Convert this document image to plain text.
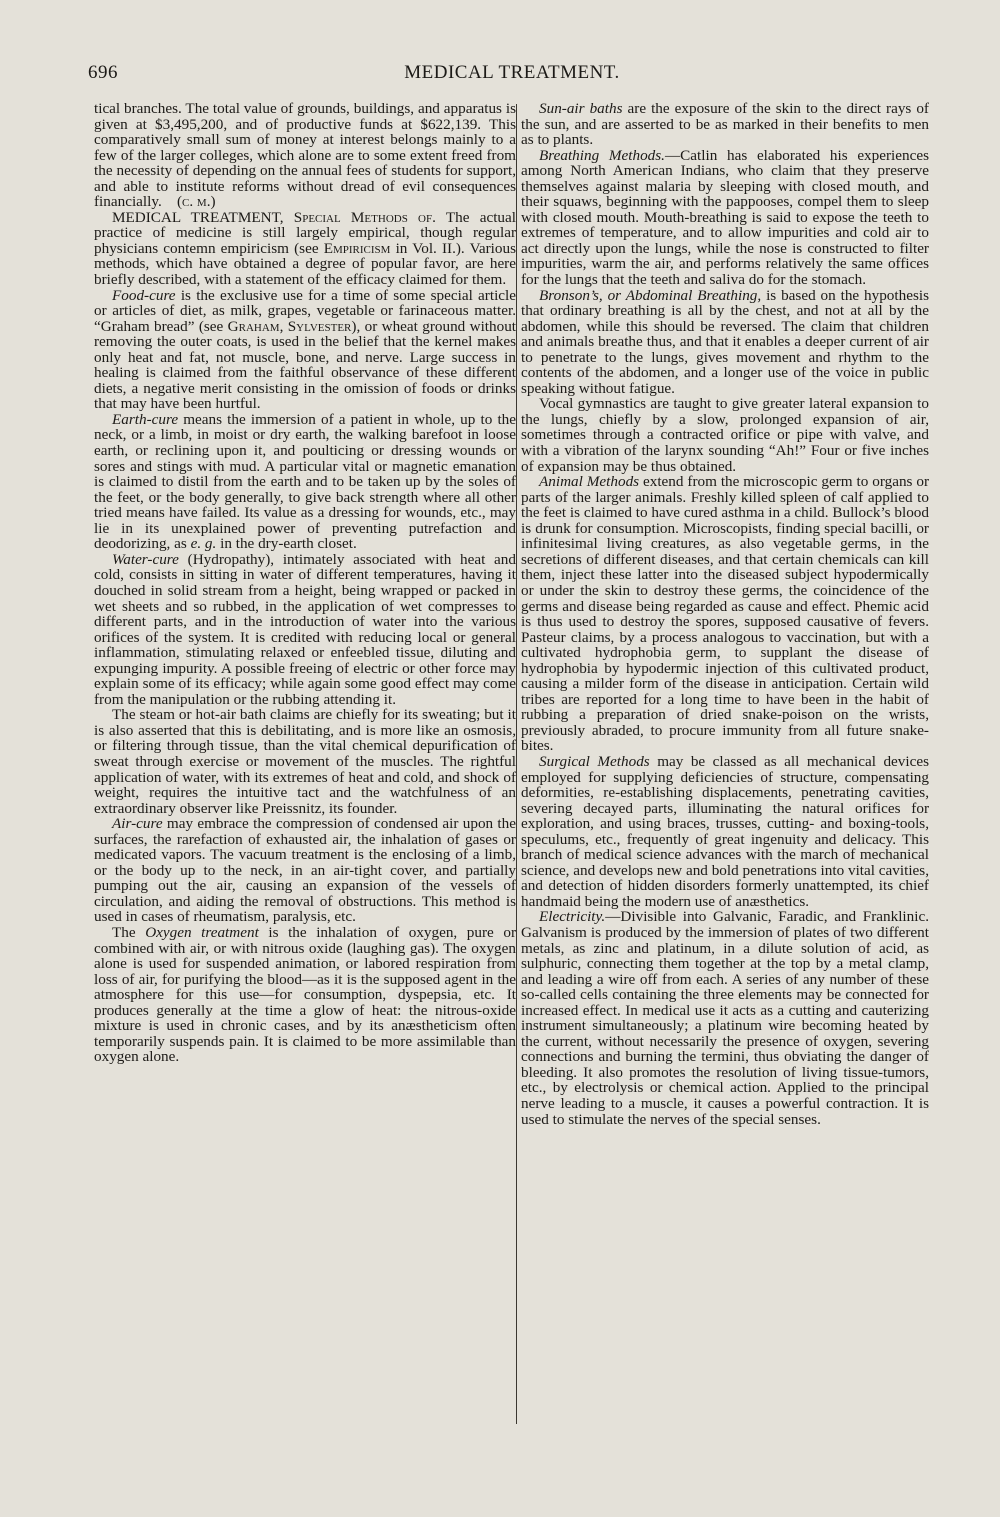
696	MEDICAL TREATMENT.

tical branches. The total value of grounds, buildings, and apparatus is given at $3,495,200, and of productive funds at $622,139. This comparatively small sum of money at interest belongs mainly to a few of the larger colleges, which alone are to some extent freed from the necessity of depending on the annual fees of students for support, and able to institute reforms without dread of evil consequences financially. (c. m.)

MEDICAL TREATMENT, Special Methods of. The actual practice of medicine is still largely empirical, though regular physicians contemn empiricism (see Empiricism in Vol. II.). Various methods, which have obtained a degree of popular favor, are here briefly described, with a statement of the efficacy claimed for them.

Food-cure is the exclusive use for a time of some special article or articles of diet, as milk, grapes, vegetable or farinaceous matter. “Graham bread” (see Graham, Sylvester), or wheat ground without removing the outer coats, is used in the belief that the kernel makes only heat and fat, not muscle, bone, and nerve. Large success in healing is claimed from the faithful observance of these different diets, a negative merit consisting in the omission of foods or drinks that may have been hurtful.

Earth-cure means the immersion of a patient in whole, up to the neck, or a limb, in moist or dry earth, the walking barefoot in loose earth, or reclining upon it, and poulticing or dressing wounds or sores and stings with mud. A particular vital or magnetic emanation is claimed to distil from the earth and to be taken up by the soles of the feet, or the body generally, to give back strength where all other tried means have failed. Its value as a dressing for wounds, etc., may lie in its unexplained power of preventing putrefaction and deodorizing, as e. g. in the dry-earth closet.

Water-cure (Hydropathy), intimately associated with heat and cold, consists in sitting in water of different temperatures, having it douched in solid stream from a height, being wrapped or packed in wet sheets and so rubbed, in the application of wet compresses to different parts, and in the introduction of water into the various orifices of the system. It is credited with reducing local or general inflammation, stimulating relaxed or enfeebled tissue, diluting and expunging impurity. A possible freeing of electric or other force may explain some of its efficacy; while again some good effect may come from the manipulation or the rubbing attending it.

The steam or hot-air bath claims are chiefly for its sweating; but it is also asserted that this is debilitating, and is more like an osmosis, or filtering through tissue, than the vital chemical depurification of sweat through exercise or movement of the muscles. The rightful application of water, with its extremes of heat and cold, and shock of weight, requires the intuitive tact and the watchfulness of an extraordinary observer like Preissnitz, its founder.

Air-cure may embrace the compression of condensed air upon the surfaces, the rarefaction of exhausted air, the inhalation of gases or medicated vapors. The vacuum treatment is the enclosing of a limb, or the body up to the neck, in an air-tight cover, and partially pumping out the air, causing an expansion of the vessels of circulation, and aiding the removal of obstructions. This method is used in cases of rheumatism, paralysis, etc.

The Oxygen treatment is the inhalation of oxygen, pure or combined with air, or with nitrous oxide (laughing gas). The oxygen alone is used for suspended animation, or labored respiration from loss of air, for purifying the blood—as it is the supposed agent in the atmosphere for this use—for consumption, dyspepsia, etc. It produces generally at the time a glow of heat: the nitrous-oxide mixture is used in chronic cases, and by its anæstheticism often temporarily suspends pain. It is claimed to be more assimilable than oxygen alone.

Sun-air baths are the exposure of the skin to the direct rays of the sun, and are asserted to be as marked in their benefits to men as to plants.

Breathing Methods.—Catlin has elaborated his experiences among North American Indians, who claim that they preserve themselves against malaria by sleeping with closed mouth, and their squaws, beginning with the pappooses, compel them to sleep with closed mouth. Mouth-breathing is said to expose the teeth to extremes of temperature, and to allow impurities and cold air to act directly upon the lungs, while the nose is constructed to filter impurities, warm the air, and performs relatively the same offices for the lungs that the teeth and saliva do for the stomach.

Bronson’s, or Abdominal Breathing, is based on the hypothesis that ordinary breathing is all by the chest, and not at all by the abdomen, while this should be reversed. The claim that children and animals breathe thus, and that it enables a deeper current of air to penetrate to the lungs, gives movement and rhythm to the contents of the abdomen, and a longer use of the voice in public speaking without fatigue.

Vocal gymnastics are taught to give greater lateral expansion to the lungs, chiefly by a slow, prolonged expansion of air, sometimes through a contracted orifice or pipe with valve, and with a vibration of the larynx sounding “Ah!” Four or five inches of expansion may be thus obtained.

Animal Methods extend from the microscopic germ to organs or parts of the larger animals. Freshly killed spleen of calf applied to the feet is claimed to have cured asthma in a child. Bullock’s blood is drunk for consumption. Microscopists, finding special bacilli, or infinitesimal living creatures, as also vegetable germs, in the secretions of different diseases, and that certain chemicals can kill them, inject these latter into the diseased subject hypodermically or under the skin to destroy these germs, the coincidence of the germs and disease being regarded as cause and effect. Phemic acid is thus used to destroy the spores, supposed causative of fevers. Pasteur claims, by a process analogous to vaccination, but with a cultivated hydrophobia germ, to supplant the disease of hydrophobia by hypodermic injection of this cultivated product, causing a milder form of the disease in anticipation. Certain wild tribes are reported for a long time to have been in the habit of rubbing a preparation of dried snake-poison on the wrists, previously abraded, to procure immunity from all future snake-bites.

Surgical Methods may be classed as all mechanical devices employed for supplying deficiencies of structure, compensating deformities, re-establishing displacements, penetrating cavities, severing decayed parts, illuminating the natural orifices for exploration, and using braces, trusses, cutting- and boxing-tools, speculums, etc., frequently of great ingenuity and delicacy. This branch of medical science advances with the march of mechanical science, and develops new and bold penetrations into vital cavities, and detection of hidden disorders formerly unattempted, its chief handmaid being the modern use of anæsthetics.

Electricity.—Divisible into Galvanic, Faradic, and Franklinic. Galvanism is produced by the immersion of plates of two different metals, as zinc and platinum, in a dilute solution of acid, as sulphuric, connecting them together at the top by a metal clamp, and leading a wire off from each. A series of any number of these so-called cells containing the three elements may be connected for increased effect. In medical use it acts as a cutting and cauterizing instrument simultaneously; a platinum wire becoming heated by the current, without necessarily the presence of oxygen, severing connections and burning the termini, thus obviating the danger of bleeding. It also promotes the resolution of living tissue-tumors, etc., by electrolysis or chemical action. Applied to the principal nerve leading to a muscle, it causes a powerful contraction. It is used to stimulate the nerves of the special senses.
